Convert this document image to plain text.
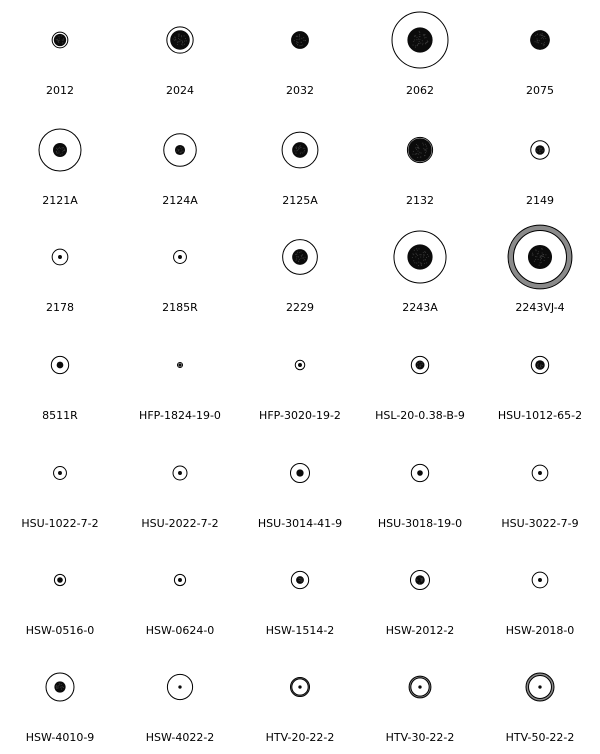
2012	2024	2032	2062	2075
2121A	2124A	2125A	2132	2149
2178	2185R	2229	2243A	2243VJ-4
8511R	HFP-1824-19-0	HFP-3020-19-2	HSL-20-0.38-B-9	HSU-1012-65-2
HSU-1022-7-2	HSU-2022-7-2	HSU-3014-41-9	HSU-3018-19-0	HSU-3022-7-9
HSW-0516-0	HSW-0624-0	HSW-1514-2	HSW-2012-2	HSW-2018-0
HSW-4010-9	HSW-4022-2	HTV-20-22-2	HTV-30-22-2	HTV-50-22-2
